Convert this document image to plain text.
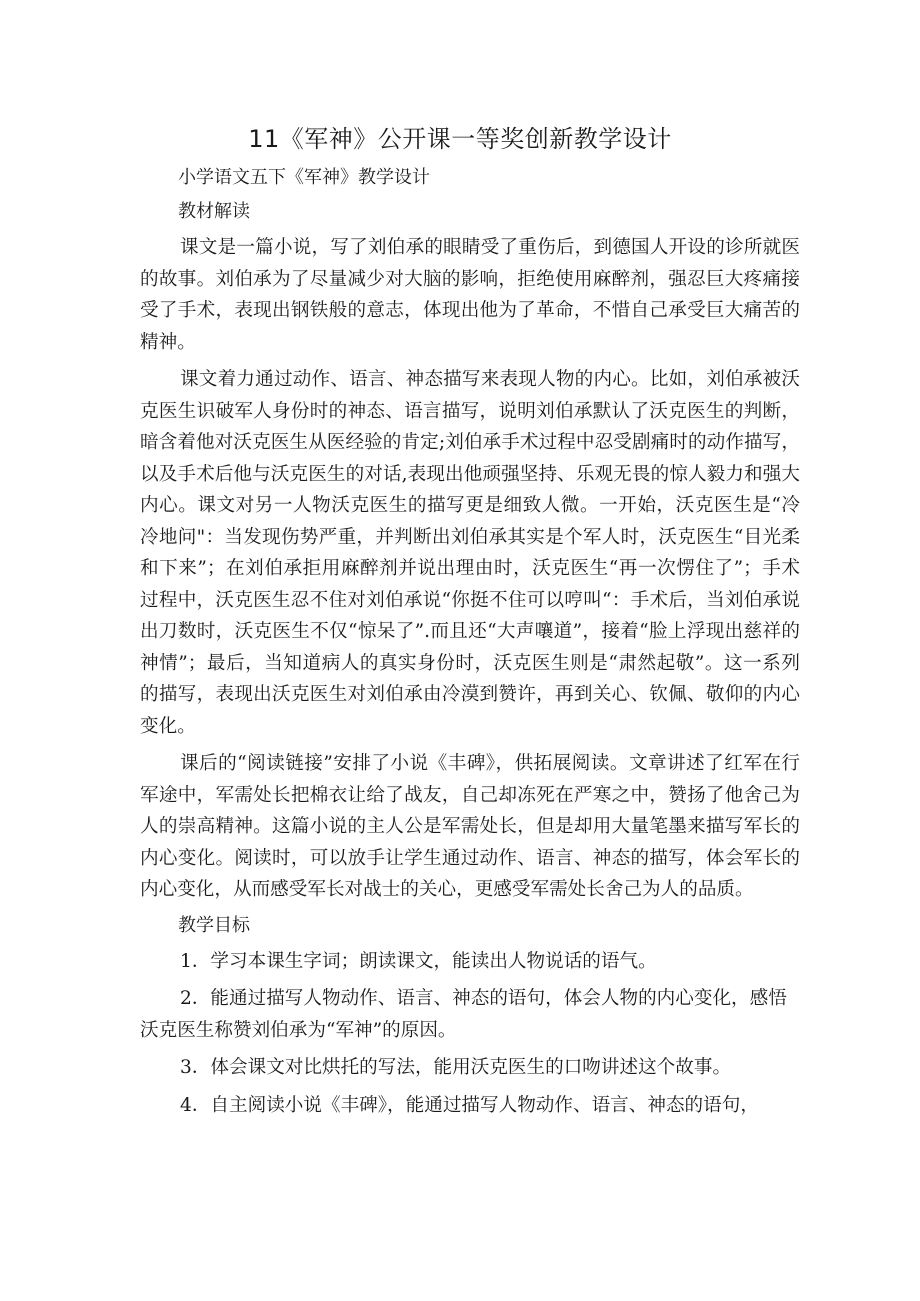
11《军神》公开课一等奖创新教学设计
小学语文五下《军神》教学设计
教材解读

课文是一篇小说，写了刘伯承的眼睛受了重伤后，到德国人开设的诊所就医的故事。刘伯承为了尽量减少对大脑的影响，拒绝使用麻醉剂，强忍巨大疼痛接受了手术，表现出钢铁般的意志，体现出他为了革命，不惜自己承受巨大痛苦的精神。

课文着力通过动作、语言、神态描写来表现人物的内心。比如，刘伯承被沃克医生识破军人身份时的神态、语言描写，说明刘伯承默认了沃克医生的判断，暗含着他对沃克医生从医经验的肯定;刘伯承手术过程中忍受剧痛时的动作描写，以及手术后他与沃克医生的对话,表现出他顽强坚持、乐观无畏的惊人毅力和强大内心。课文对另一人物沃克医生的描写更是细致人微。一开始，沃克医生是“冷冷地问"：当发现伤势严重，并判断出刘伯承其实是个军人时，沃克医生“目光柔和下来”；在刘伯承拒用麻醉剂并说出理由时，沃克医生“再一次愣住了”；手术过程中，沃克医生忍不住对刘伯承说“你挺不住可以哼叫“：手术后，当刘伯承说出刀数时，沃克医生不仅“惊呆了”.而且还“大声嚷道”，接着“脸上浮现出慈祥的神情”；最后，当知道病人的真实身份时，沃克医生则是“肃然起敬”。这一系列的描写，表现出沃克医生对刘伯承由冷漠到赞许，再到关心、钦佩、敬仰的内心变化。

课后的“阅读链接”安排了小说《丰碑》，供拓展阅读。文章讲述了红军在行军途中，军需处长把棉衣让给了战友，自己却冻死在严寒之中，赞扬了他舍己为人的崇高精神。这篇小说的主人公是军需处长，但是却用大量笔墨来描写军长的内心变化。阅读时，可以放手让学生通过动作、语言、神态的描写，体会军长的内心变化，从而感受军长对战士的关心，更感受军需处长舍己为人的品质。

教学目标

1．学习本课生字词；朗读课文，能读出人物说话的语气。

2．能通过描写人物动作、语言、神态的语句，体会人物的内心变化，感悟沃克医生称赞刘伯承为“军神”的原因。

3．体会课文对比烘托的写法，能用沃克医生的口吻讲述这个故事。

4．自主阅读小说《丰碑》，能通过描写人物动作、语言、神态的语句，
